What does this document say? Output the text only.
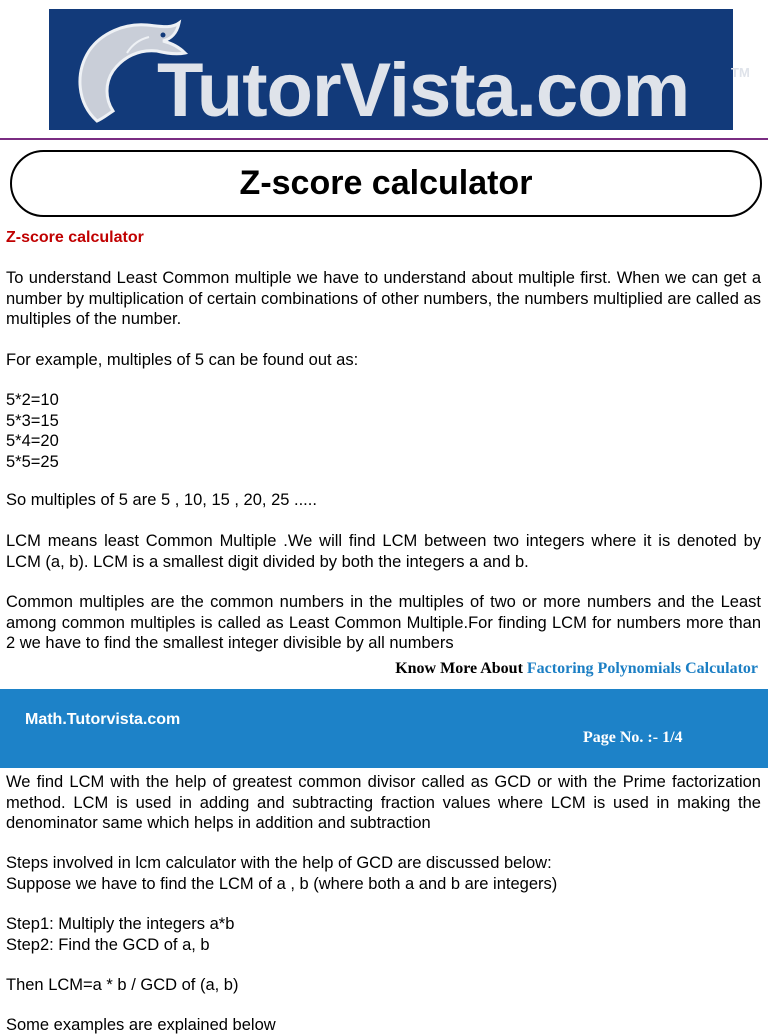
TutorVista.com	TM
Z-score calculator
Z-score calculator

To understand Least Common multiple we have to understand about multiple first. When we can get a number by multiplication of certain combinations of other numbers, the numbers multiplied are called as multiples of the number.

For example, multiples of 5 can be found out as:
5*2=10
5*3=15
5*4=20
5*5=25
So multiples of 5 are 5 , 10, 15 , 20, 25 .....

LCM means least Common Multiple .We will find LCM between two integers where it is denoted by LCM (a, b). LCM is a smallest digit divided by both the integers a and b.

Common multiples are the common numbers in the multiples of two or more numbers and the Least among common multiples is called as Least Common Multiple.For finding LCM for numbers more than 2 we have to find the smallest integer divisible by all numbers

Know More About Factoring Polynomials Calculator
Math.Tutorvista.com
Page No. :- 1/4

We find LCM with the help of greatest common divisor called as GCD or with the Prime factorization method. LCM is used in adding and subtracting fraction values where LCM is used in making the denominator same which helps in addition and subtraction

Steps involved in lcm calculator with the help of GCD are discussed below:
Suppose we have to find the LCM of a , b (where both a and b are integers)
Step1: Multiply the integers a*b
Step2: Find the GCD of a, b
Then LCM=a * b / GCD of (a, b)
Some examples are explained below
